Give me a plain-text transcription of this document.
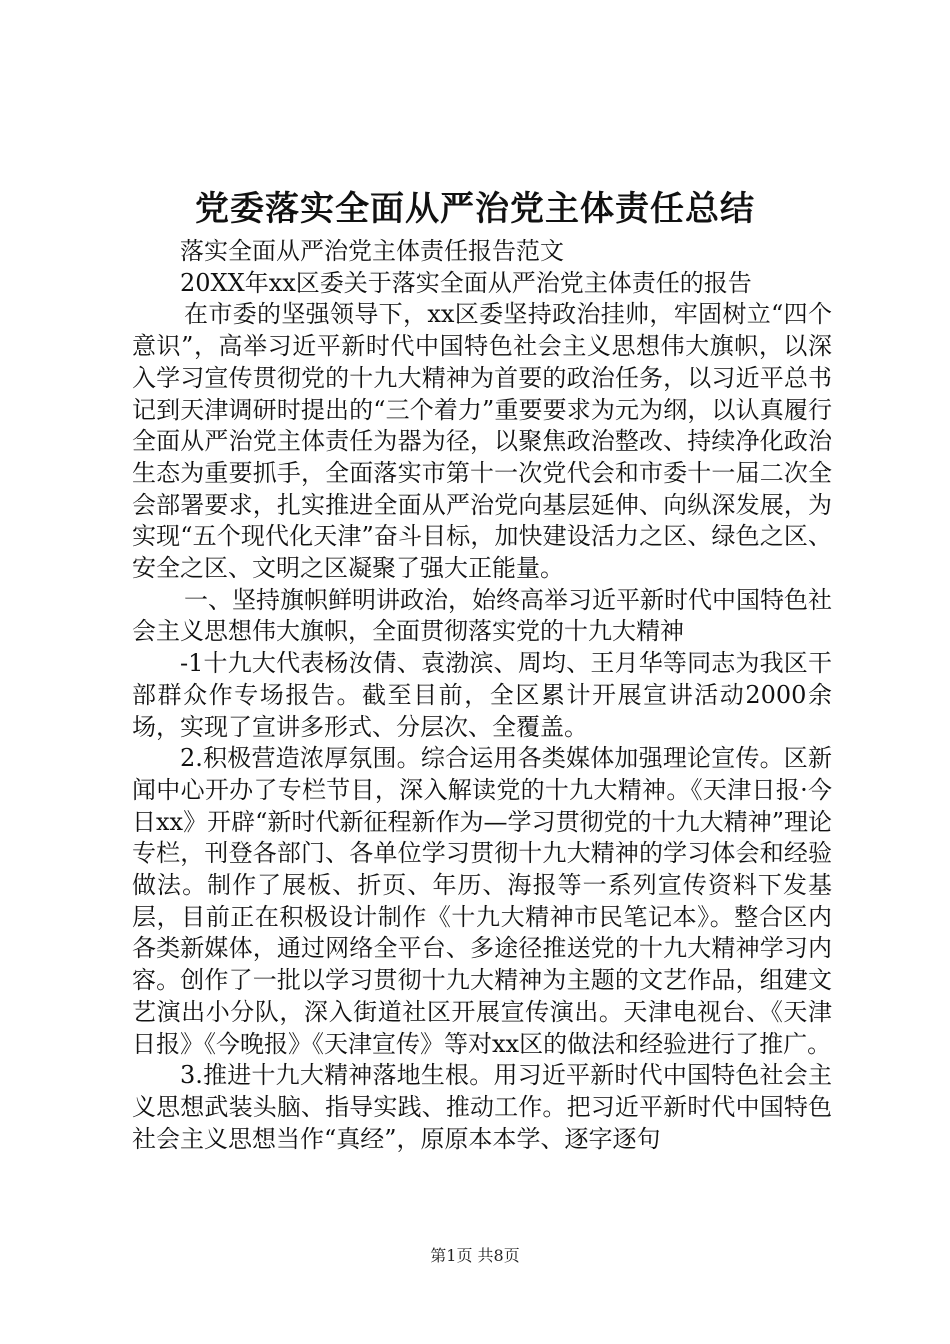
党委落实全面从严治党主体责任总结

落实全面从严治党主体责任报告范文

20XX年xx区委关于落实全面从严治党主体责任的报告

在市委的坚强领导下，xx区委坚持政治挂帅，牢固树立“四个意识”，高举习近平新时代中国特色社会主义思想伟大旗帜，以深入学习宣传贯彻党的十九大精神为首要的政治任务，以习近平总书记到天津调研时提出的“三个着力”重要要求为元为纲，以认真履行全面从严治党主体责任为器为径，以聚焦政治整改、持续净化政治生态为重要抓手，全面落实市第十一次党代会和市委十一届二次全会部署要求，扎实推进全面从严治党向基层延伸、向纵深发展，为实现“五个现代化天津”奋斗目标，加快建设活力之区、绿色之区、安全之区、文明之区凝聚了强大正能量。

一、坚持旗帜鲜明讲政治，始终高举习近平新时代中国特色社会主义思想伟大旗帜，全面贯彻落实党的十九大精神

-1十九大代表杨汝倩、袁渤滨、周均、王月华等同志为我区干部群众作专场报告。截至目前，全区累计开展宣讲活动2000余场，实现了宣讲多形式、分层次、全覆盖。

2.积极营造浓厚氛围。综合运用各类媒体加强理论宣传。区新闻中心开办了专栏节目，深入解读党的十九大精神。《天津日报·今日xx》开辟“新时代新征程新作为—学习贯彻党的十九大精神”理论专栏，刊登各部门、各单位学习贯彻十九大精神的学习体会和经验做法。制作了展板、折页、年历、海报等一系列宣传资料下发基层，目前正在积极设计制作《十九大精神市民笔记本》。整合区内各类新媒体，通过网络全平台、多途径推送党的十九大精神学习内容。创作了一批以学习贯彻十九大精神为主题的文艺作品，组建文艺演出小分队，深入街道社区开展宣传演出。天津电视台、《天津日报》《今晚报》《天津宣传》等对xx区的做法和经验进行了推广。

3.推进十九大精神落地生根。用习近平新时代中国特色社会主义思想武装头脑、指导实践、推动工作。把习近平新时代中国特色社会主义思想当作“真经”，原原本本学、逐字逐句

第1页 共8页
